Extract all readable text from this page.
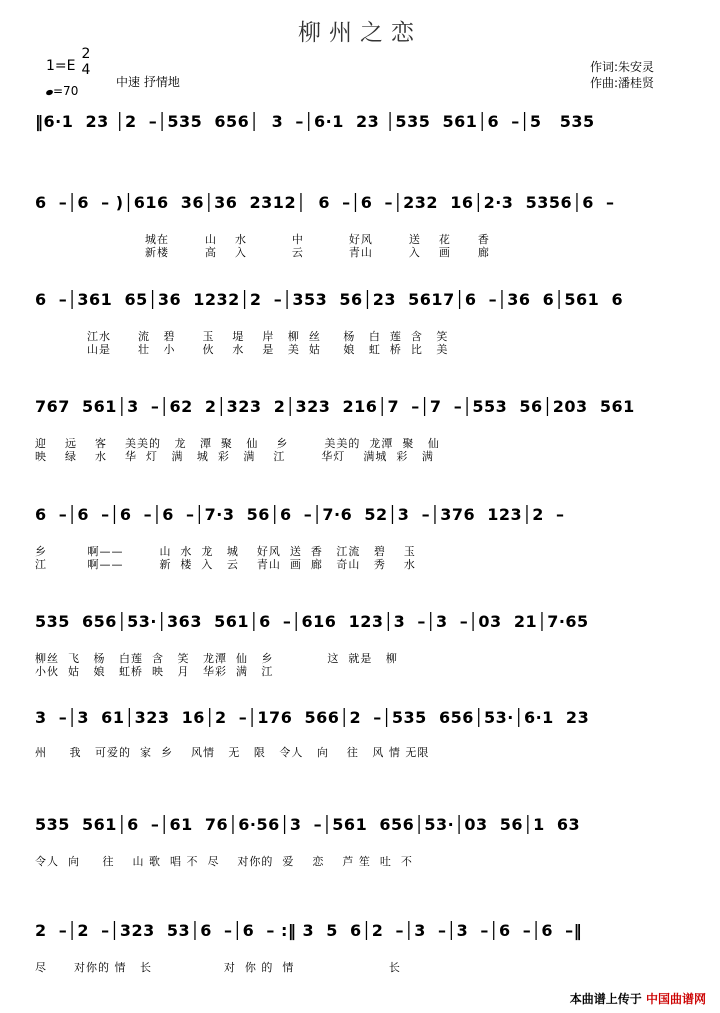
柳州之恋
1=E
2
4
=70
中速 抒情地
作词:朱安灵
作曲:潘桂贤
‖6·1  23 │2  –│535  656│  3  –│6·1  23 │535  561│6  –│5   535
6  –│6  – )│616  36│36  2312│  6  –│6  –│232  16│2·3  5356│6  –
城在        山    水          中          好风        送    花      香
新楼        高    入          云          青山        入    画      廊
6  –│361  65│36  1232│2  –│353  56│23  5617│6  –│36  6│561  6
江水      流   碧      玉    堤    岸   柳  丝     杨   白  莲  含   笑
山是      壮   小      伙    水    是   美  姑     娘   虹  桥  比   美
767  561│3  –│62  2│323  2│323  216│7  –│7  –│553  56│203  561
迎    远    客    美美的   龙   潭  聚   仙    乡        美美的  龙潭  聚   仙
映    绿    水    华  灯   满   城  彩   满    江        华灯    满城  彩   满
6  –│6  –│6  –│6  –│7·3  56│6  –│7·6  52│3  –│376  123│2  –
乡         啊——        山  水  龙   城    好风  送  香   江流   碧    玉
江         啊——        新  楼  入   云    青山  画  廊   奇山   秀    水
535  656│53·│363  561│6  –│616  123│3  –│3  –│03  21│7·65
柳丝  飞   杨   白莲  含   笑   龙潭  仙   乡            这  就是   柳
小伙  姑   娘   虹桥  映   月   华彩  满   江
3  –│3  61│323  16│2  –│176  566│2  –│535  656│53·│6·1  23
州     我   可爱的  家  乡    风情   无   限   令人   向    往   风 情 无限
535  561│6  –│61  76│6·56│3  –│561  656│53·│03  56│1  63
令人  向     往    山 歌  唱 不  尽    对你的  爱    恋    芦 笙  吐  不
2  –│2  –│323  53│6  –│6  – :‖ 3  5  6│2  –│3  –│3  –│6  –│6  –‖
尽      对你的 情   长                对  你 的  情                     长
本曲谱上传于 中国曲谱网
